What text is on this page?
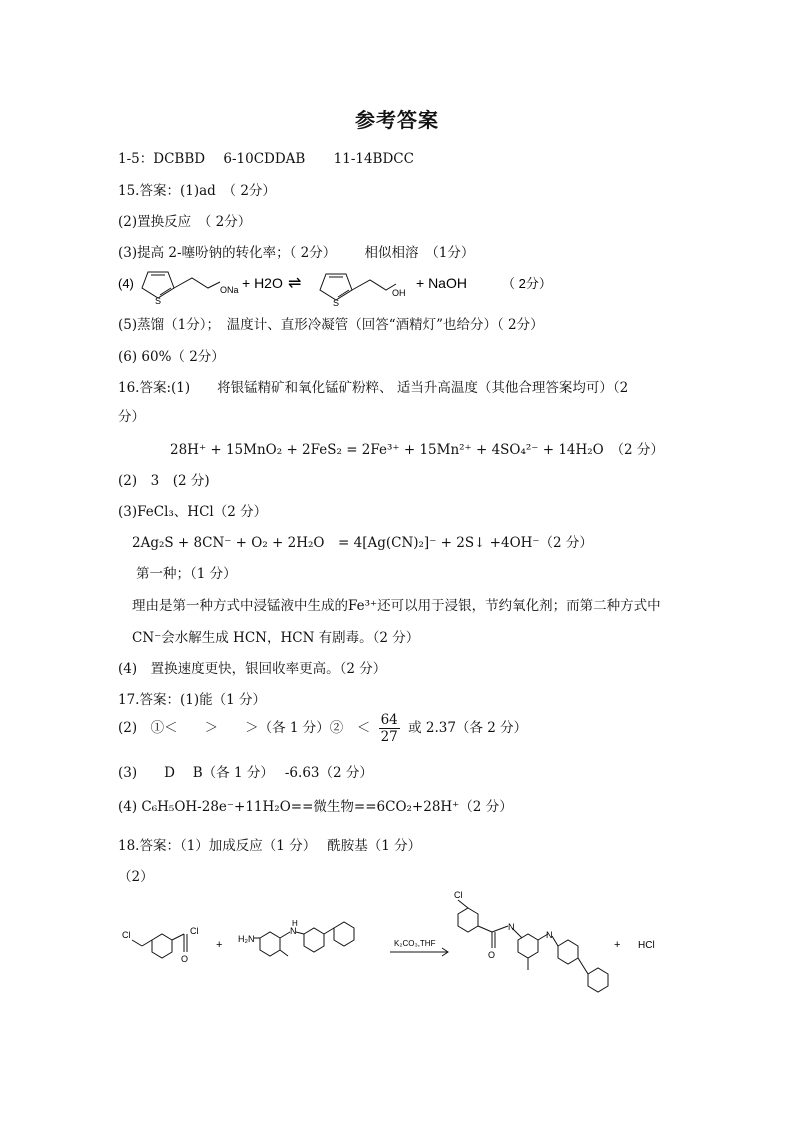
参考答案
1-5：DCBBD 6-10CDDAB 11-14BDCC
15.答案：(1)ad　（ 2分）
(2)置换反应　（ 2分）
(3)提高 2-噻吩钠的转化率；（ 2分） 相似相溶　（1分）
(4)
S
ONa + H2O ⇌
S
OH
+ NaOH	（ 2分）
(5)蒸馏（1分）；　温度计、直形冷凝管（回答“酒精灯”也给分）（ 2分）
(6) 60%（ 2分）
16.答案:(1)　　将银锰精矿和氧化锰矿粉粹、 适当升高温度（其他合理答案均可）（2
分）
28H⁺ + 15MnO₂ + 2FeS₂ = 2Fe³⁺ + 15Mn²⁺ + 4SO₄²⁻ + 14H₂O　（2 分）
(2)　3　(2 分)
(3)FeCl₃、HCl（2 分）
2Ag₂S + 8CN⁻ + O₂ + 2H₂O　= 4[Ag(CN)₂]⁻ + 2S↓ +4OH⁻（2 分）
第一种；（1 分）
理由是第一种方式中浸锰液中生成的Fe³⁺还可以用于浸银，节约氧化剂；而第二种方式中
CN⁻会水解生成 HCN，HCN 有剧毒。（2 分）
(4)　置换速度更快，银回收率更高。（2 分）
17.答案：(1)能（1 分）
(2)　①＜　　＞　　＞（各 1 分）②　＜ $\frac{64}{27}$ 或 2.37（各 2 分）
(3)　　D　 B（各 1 分）　 -6.63（2 分）
(4) C₆H₅OH-28e⁻+11H₂O==微生物==6CO₂+28H⁺（2 分）
18.答案：（1）加成反应（1 分）　 酰胺基（1 分）
（2）
Cl	Cl
O
+ H₂N
N
H
K₂CO₃,THF
Cl
O
N
N
+ HCl
